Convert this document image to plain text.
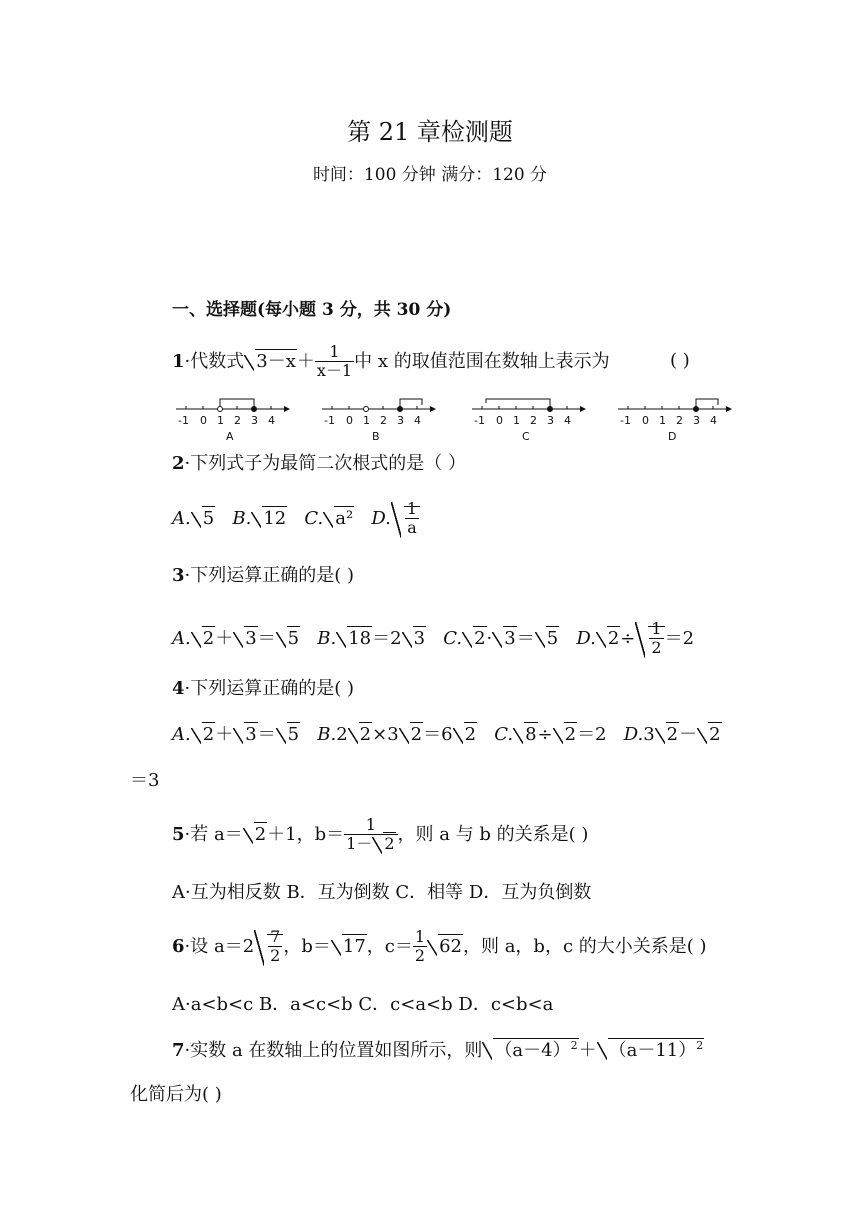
第 21 章检测题
时间：100 分钟 满分：120 分
一、选择题(每小题 3 分，共 30 分)
1·代数式 $3-x+ \frac{1}{x-1}$ 中 x 的取值范围在数轴上表示为	( )
-1 0 1 2 3 4
A
-1 0 1 2 3 4
B
-1 0 1 2 3 4
C
-1 0 1 2 3 4
D
2·下列式子为最简二次根式的是（ ）
A. 5 B. 12 C. a² D. $\frac{1}{a}$
3·下列运算正确的是( )
A. 2＋ 3＝ 5 B. 18＝2 3 C. 2· 3＝ 5 D. $2\div \frac{1}{2} =2$
4·下列运算正确的是( )
A. 2＋ 3＝ 5 B.2 2×3 2＝6 2 C. 8÷ 2＝2 D.3 2－ 2
＝3
5·若 a＝ 2＋1，$b= \frac{1}{1- 2}$ ，则 a 与 b 的关系是( )
A·互为相反数 B．互为倒数 C．相等 D．互为负倒数
6·设 $a=2 \frac{7}{2}$ ，b＝ 17，$c= \frac{1}{2} 62$，则 a，b，c 的大小关系是( )
A·a<b<c B．a<c<b C．c<a<b D．c<b<a
7·实数 a 在数轴上的位置如图所示，则 $(a-4)^2+ (a-11)^2$
化简后为( )
